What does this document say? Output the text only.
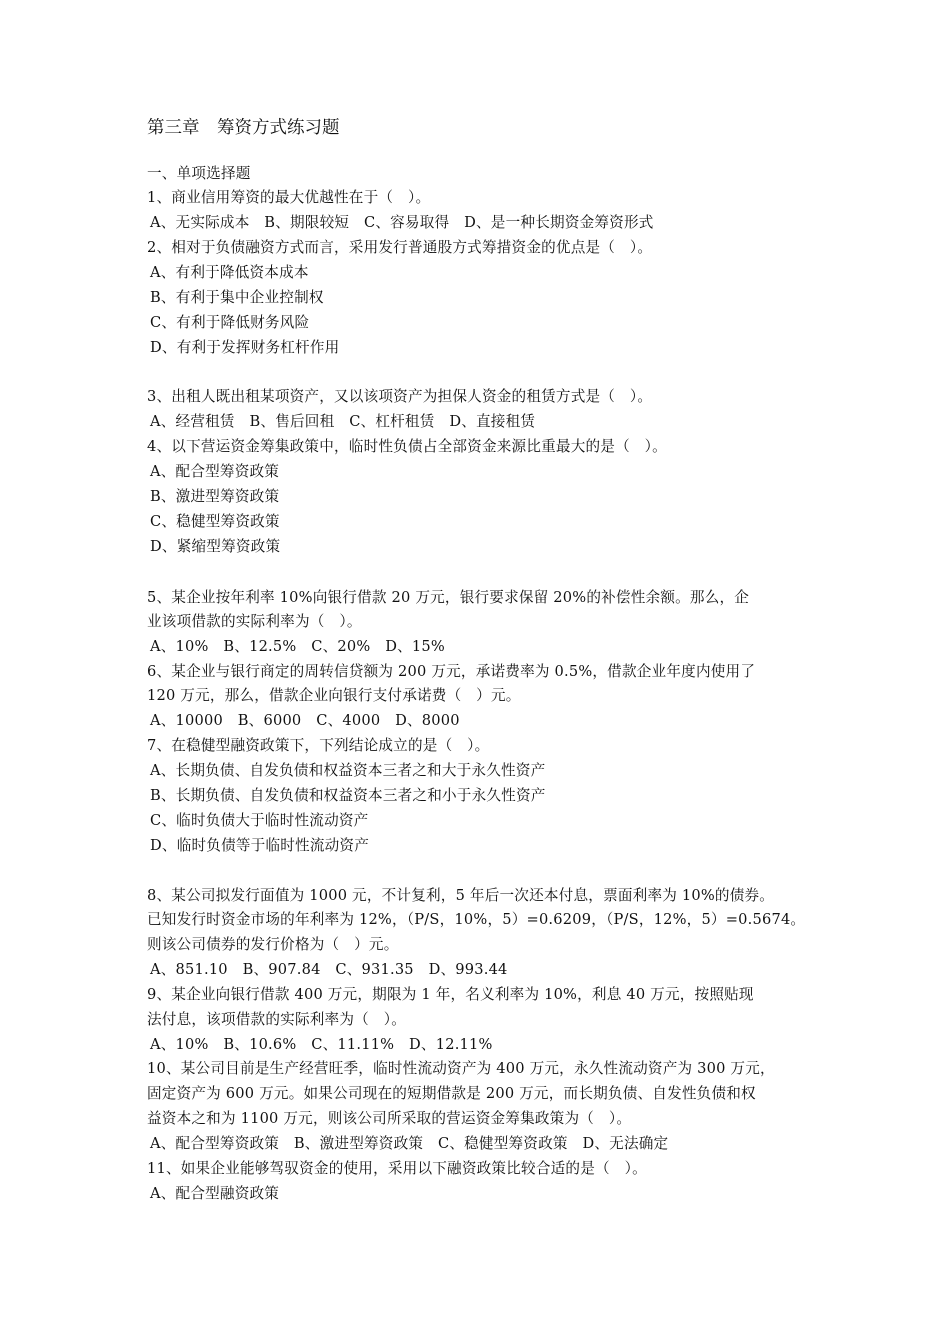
第三章　筹资方式练习题
一、单项选择题
1、商业信用筹资的最大优越性在于（　）。
A、无实际成本　B、期限较短　C、容易取得　D、是一种长期资金筹资形式
2、相对于负债融资方式而言，采用发行普通股方式筹措资金的优点是（　）。
A、有利于降低资本成本
B、有利于集中企业控制权
C、有利于降低财务风险
D、有利于发挥财务杠杆作用
3、出租人既出租某项资产，又以该项资产为担保人资金的租赁方式是（　）。
A、经营租赁　B、售后回租　C、杠杆租赁　D、直接租赁
4、以下营运资金筹集政策中，临时性负债占全部资金来源比重最大的是（　）。
A、配合型筹资政策
B、激进型筹资政策
C、稳健型筹资政策
D、紧缩型筹资政策
5、某企业按年利率 10%向银行借款 20 万元，银行要求保留 20%的补偿性余额。那么，企
业该项借款的实际利率为（　）。
A、10%　B、12.5%　C、20%　D、15%
6、某企业与银行商定的周转信贷额为 200 万元，承诺费率为 0.5%，借款企业年度内使用了
120 万元，那么，借款企业向银行支付承诺费（　）元。
A、10000　B、6000　C、4000　D、8000
7、在稳健型融资政策下，下列结论成立的是（　）。
A、长期负债、自发负债和权益资本三者之和大于永久性资产
B、长期负债、自发负债和权益资本三者之和小于永久性资产
C、临时负债大于临时性流动资产
D、临时负债等于临时性流动资产
8、某公司拟发行面值为 1000 元，不计复利，5 年后一次还本付息，票面利率为 10%的债券。
已知发行时资金市场的年利率为 12%，（P/S，10%，5）=0.6209，（P/S，12%，5）=0.5674。
则该公司债券的发行价格为（　）元。
A、851.10　B、907.84　C、931.35　D、993.44
9、某企业向银行借款 400 万元，期限为 1 年，名义利率为 10%，利息 40 万元，按照贴现
法付息，该项借款的实际利率为（　）。
A、10%　B、10.6%　C、11.11%　D、12.11%
10、某公司目前是生产经营旺季，临时性流动资产为 400 万元，永久性流动资产为 300 万元，
固定资产为 600 万元。如果公司现在的短期借款是 200 万元，而长期负债、自发性负债和权
益资本之和为 1100 万元，则该公司所采取的营运资金筹集政策为（　）。
A、配合型筹资政策　B、激进型筹资政策　C、稳健型筹资政策　D、无法确定
11、如果企业能够驾驭资金的使用，采用以下融资政策比较合适的是（　）。
A、配合型融资政策
